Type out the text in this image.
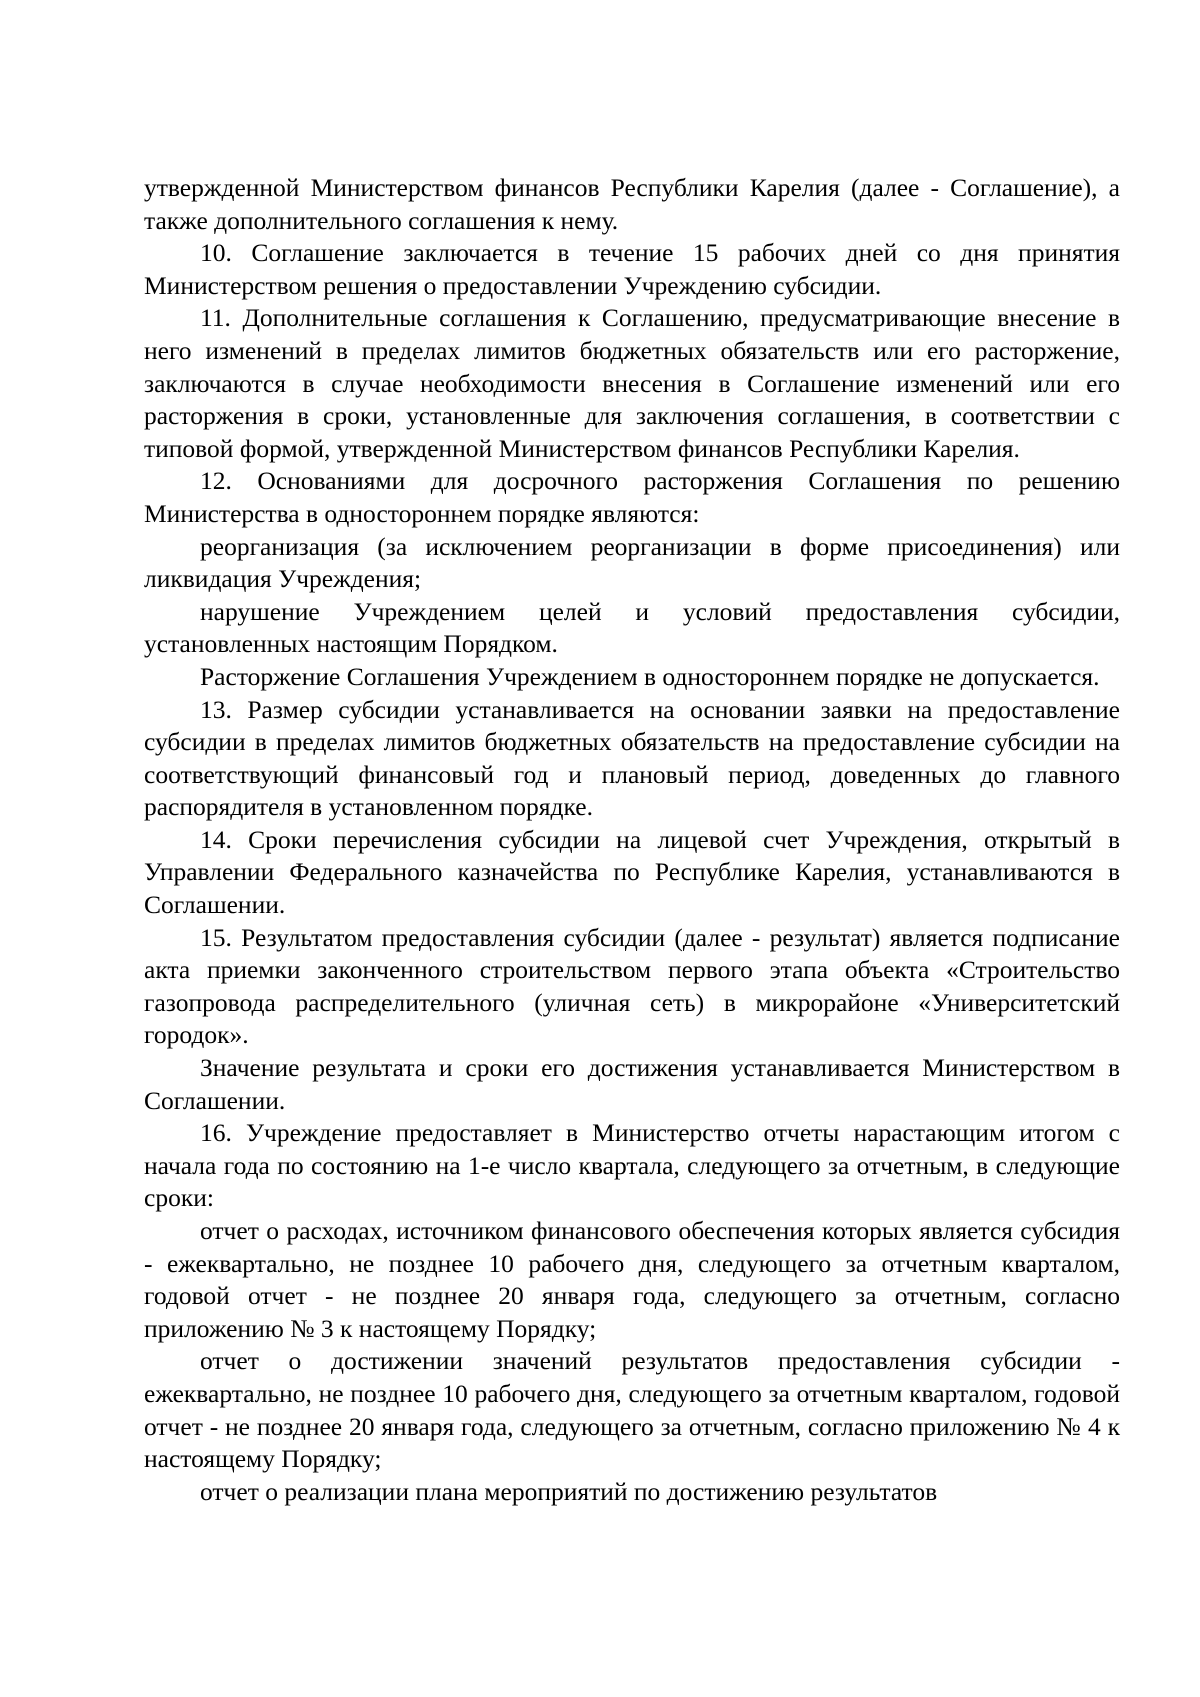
утвержденной Министерством финансов Республики Карелия (далее - Соглашение), а также дополнительного соглашения к нему.

10. Соглашение заключается в течение 15 рабочих дней со дня принятия Министерством решения о предоставлении Учреждению субсидии.

11. Дополнительные соглашения к Соглашению, предусматривающие внесение в него изменений в пределах лимитов бюджетных обязательств или его расторжение, заключаются в случае необходимости внесения в Соглашение изменений или его расторжения в сроки, установленные для заключения соглашения, в соответствии с типовой формой, утвержденной Министерством финансов Республики Карелия.

12. Основаниями для досрочного расторжения Соглашения по решению Министерства в одностороннем порядке являются:

реорганизация (за исключением реорганизации в форме присоединения) или ликвидация Учреждения;

нарушение Учреждением целей и условий предоставления субсидии, установленных настоящим Порядком.

Расторжение Соглашения Учреждением в одностороннем порядке не допускается.

13. Размер субсидии устанавливается на основании заявки на предоставление субсидии в пределах лимитов бюджетных обязательств на предоставление субсидии на соответствующий финансовый год и плановый период, доведенных до главного распорядителя в установленном порядке.

14. Сроки перечисления субсидии на лицевой счет Учреждения, открытый в Управлении Федерального казначейства по Республике Карелия, устанавливаются в Соглашении.

15. Результатом предоставления субсидии (далее - результат) является подписание акта приемки законченного строительством первого этапа объекта «Строительство газопровода распределительного (уличная сеть) в микрорайоне «Университетский городок».

Значение результата и сроки его достижения устанавливается Министерством в Соглашении.

16. Учреждение предоставляет в Министерство отчеты нарастающим итогом с начала года по состоянию на 1-е число квартала, следующего за отчетным, в следующие сроки:

отчет о расходах, источником финансового обеспечения которых является субсидия - ежеквартально, не позднее 10 рабочего дня, следующего за отчетным кварталом, годовой отчет - не позднее 20 января года, следующего за отчетным, согласно приложению № 3 к настоящему Порядку;

отчет о достижении значений результатов предоставления субсидии - ежеквартально, не позднее 10 рабочего дня, следующего за отчетным кварталом, годовой отчет - не позднее 20 января года, следующего за отчетным, согласно приложению № 4 к настоящему Порядку;

отчет о реализации плана мероприятий по достижению результатов
